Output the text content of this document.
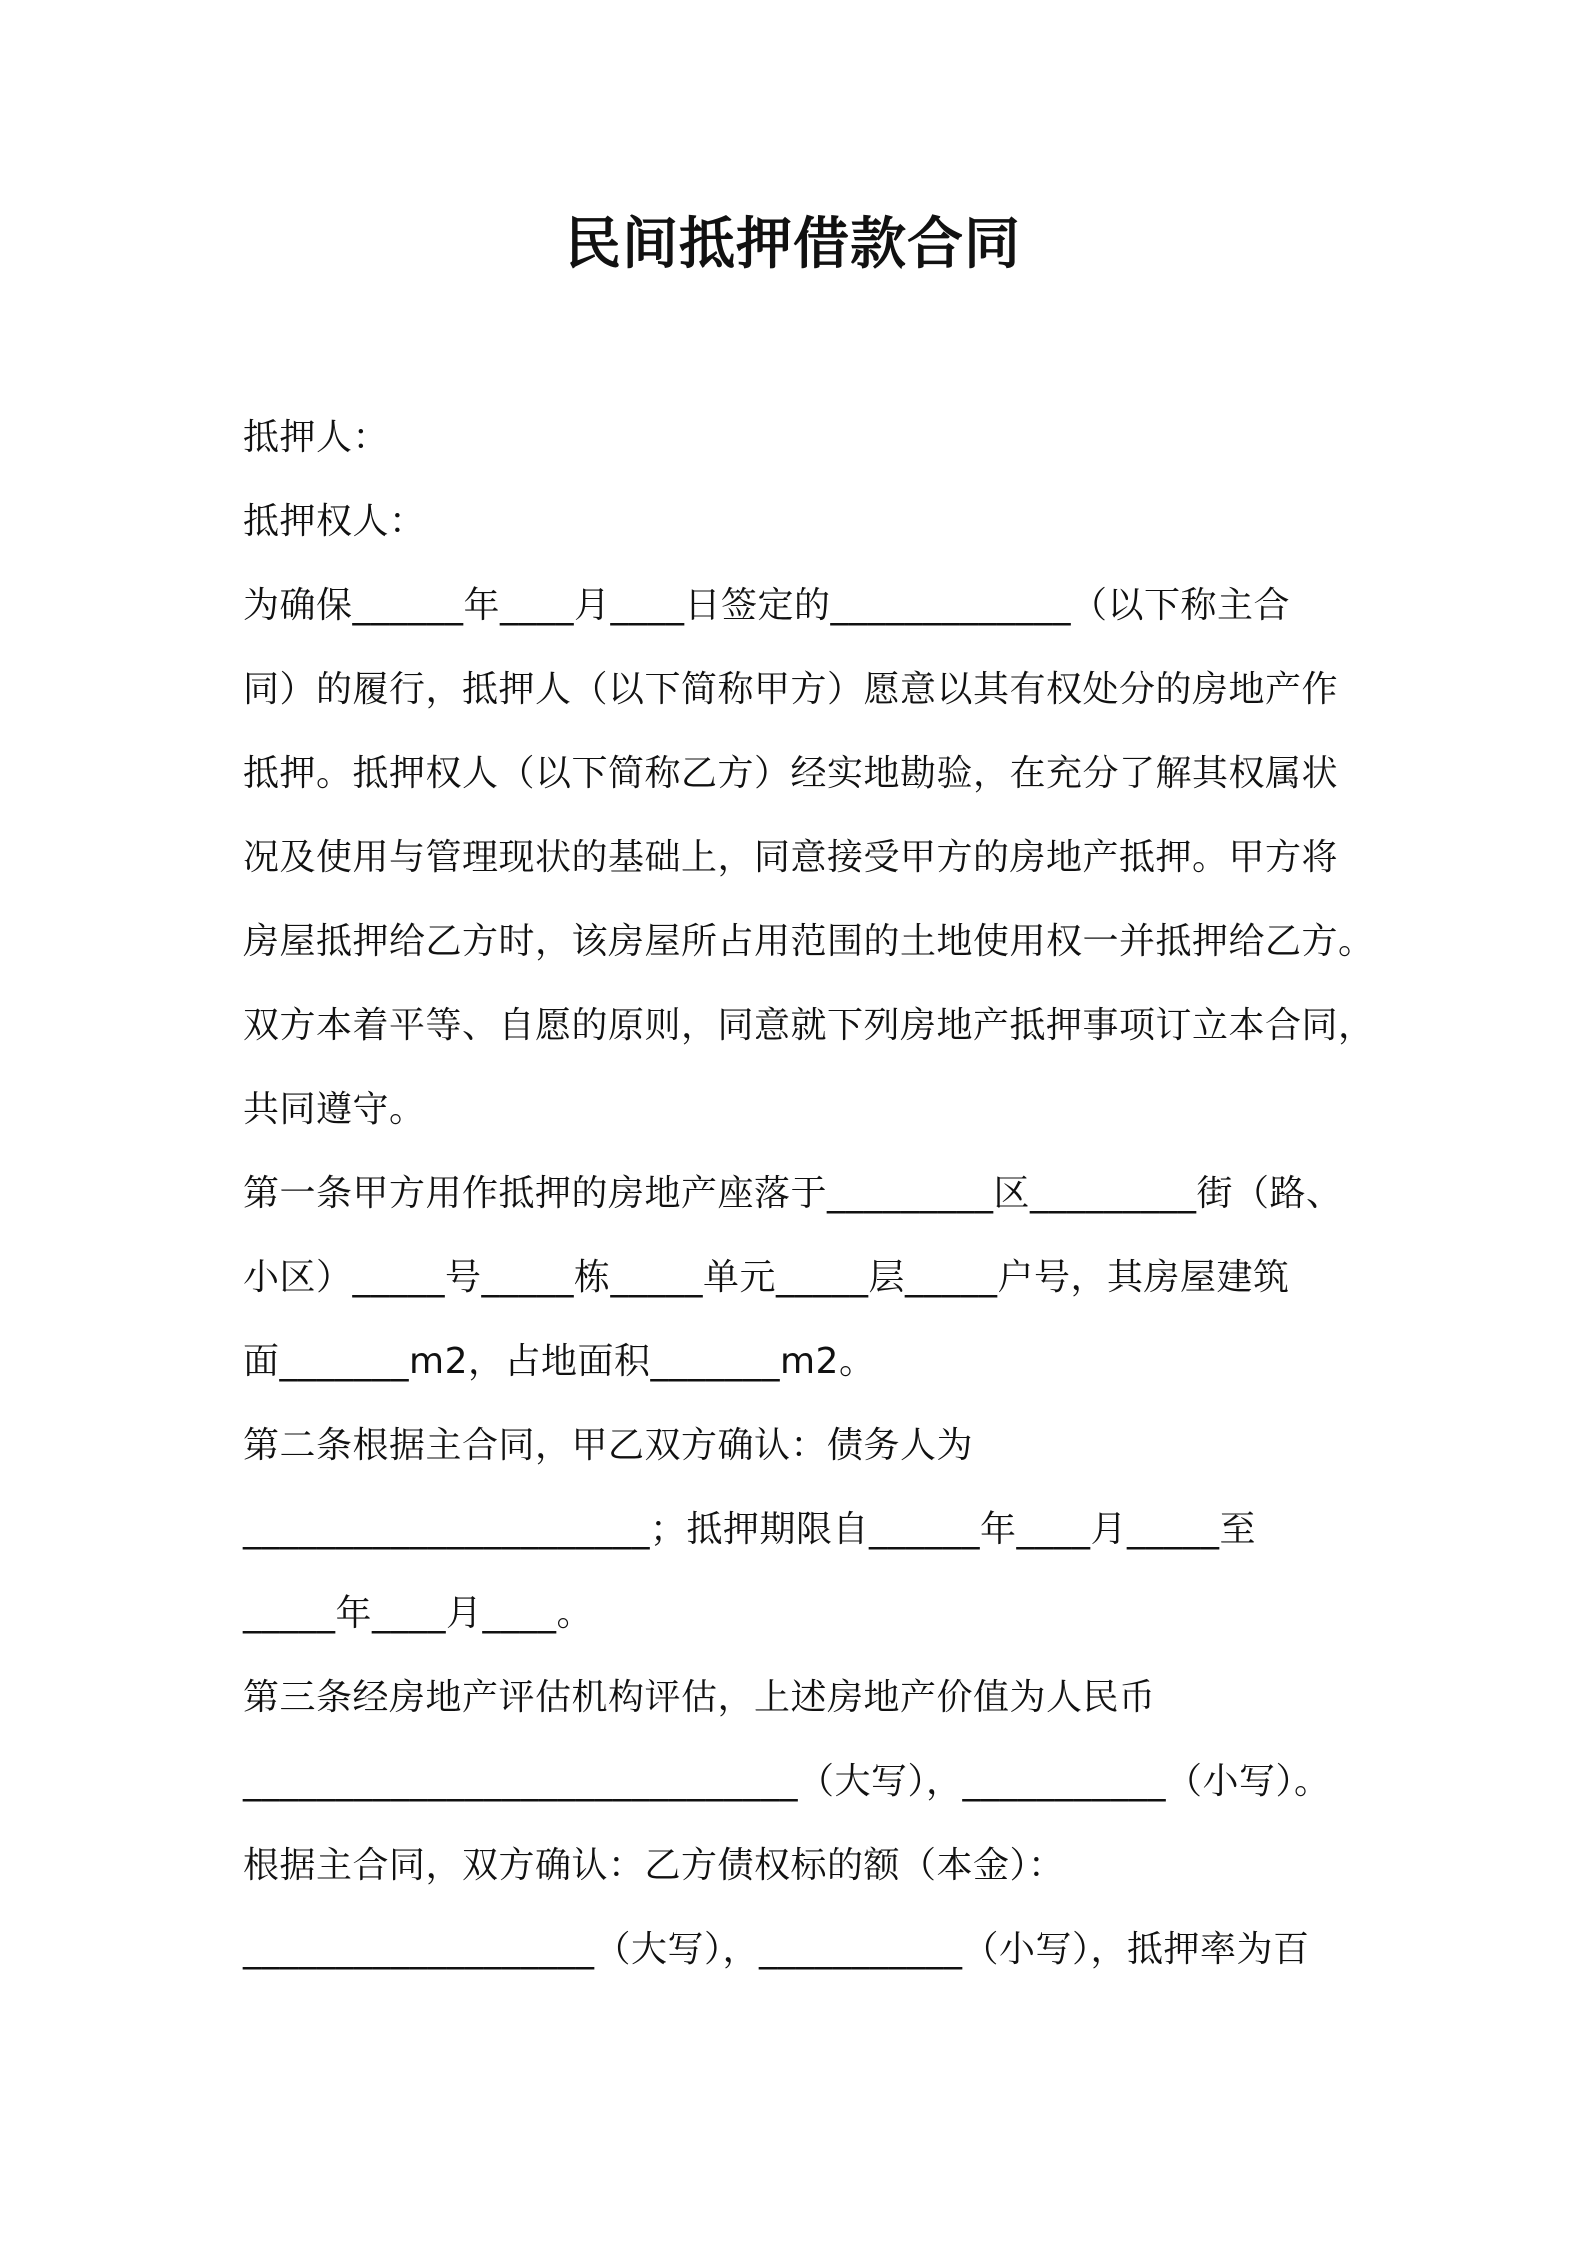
民间抵押借款合同
抵押人：
抵押权人：
为确保______年____月____日签定的_____________（以下称主合
同）的履行，抵押人（以下简称甲方）愿意以其有权处分的房地产作
抵押。抵押权人（以下简称乙方）经实地勘验，在充分了解其权属状
况及使用与管理现状的基础上，同意接受甲方的房地产抵押。甲方将
房屋抵押给乙方时，该房屋所占用范围的土地使用权一并抵押给乙方。
双方本着平等、自愿的原则，同意就下列房地产抵押事项订立本合同，
共同遵守。
第一条甲方用作抵押的房地产座落于_________区_________街（路、
小区）_____号_____栋_____单元_____层_____户号，其房屋建筑
面_______m2，占地面积_______m2。
第二条根据主合同，甲乙双方确认：债务人为
______________________；抵押期限自______年____月_____至
_____年____月____。
第三条经房地产评估机构评估，上述房地产价值为人民币
______________________________（大写），___________（小写）。
根据主合同，双方确认：乙方债权标的额（本金）：
___________________（大写），___________（小写），抵押率为百
